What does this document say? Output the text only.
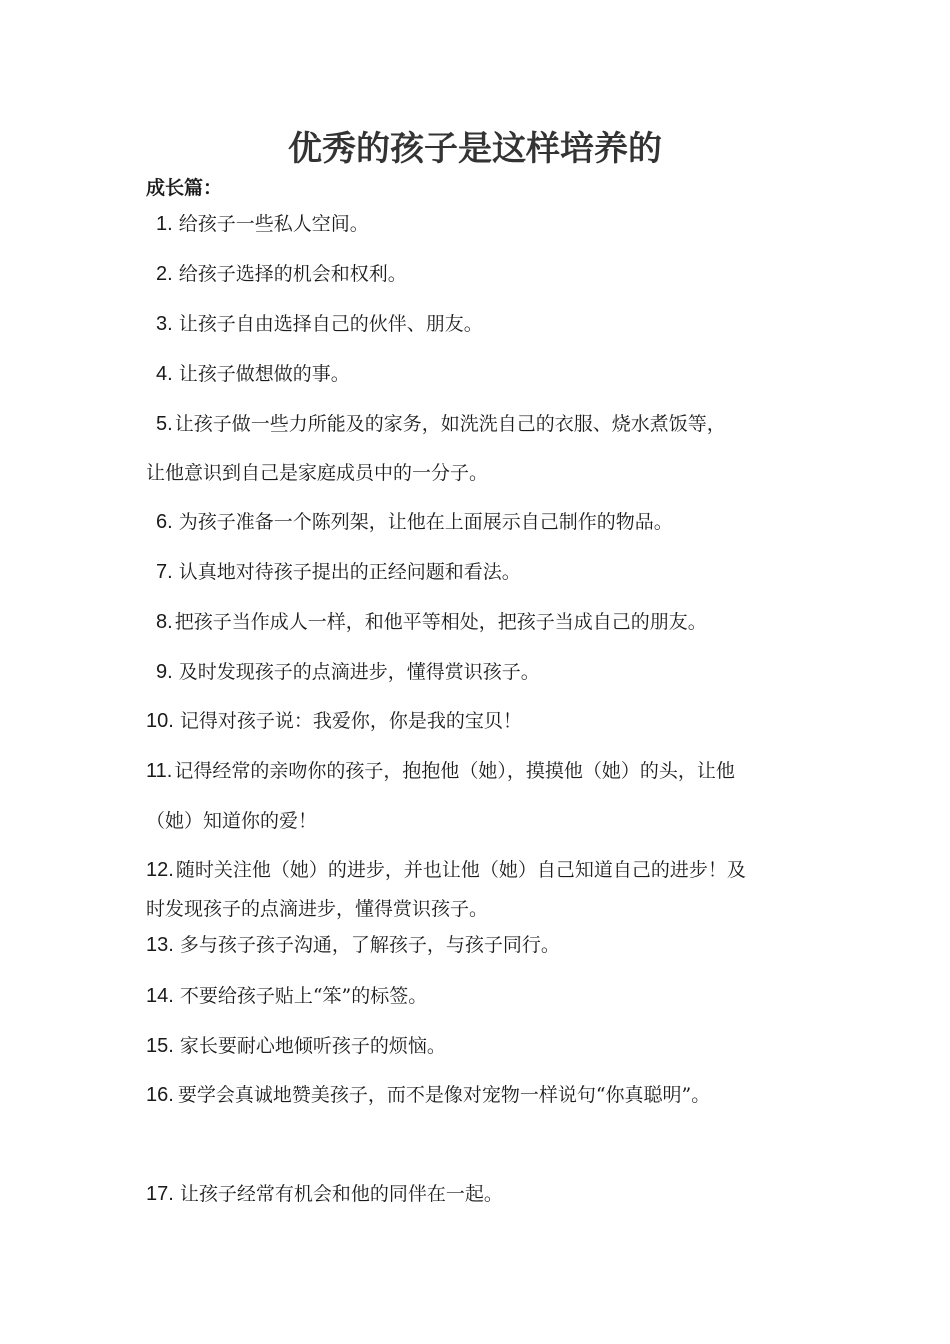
优秀的孩子是这样培养的
成长篇：
1. 给孩子一些私人空间。
2. 给孩子选择的机会和权利。
3. 让孩子自由选择自己的伙伴、朋友。
4. 让孩子做想做的事。
5. 让孩子做一些力所能及的家务，如洗洗自己的衣服、烧水煮饭等，
让他意识到自己是家庭成员中的一分子。
6. 为孩子准备一个陈列架，让他在上面展示自己制作的物品。
7. 认真地对待孩子提出的正经问题和看法。
8. 把孩子当作成人一样，和他平等相处，把孩子当成自己的朋友。
9. 及时发现孩子的点滴进步，懂得赏识孩子。
10. 记得对孩子说：我爱你，你是我的宝贝！
11. 记得经常的亲吻你的孩子，抱抱他（她），摸摸他（她）的头，让他
（她）知道你的爱！
12. 随时关注他（她）的进步，并也让他（她）自己知道自己的进步！及
时发现孩子的点滴进步，懂得赏识孩子。
13. 多与孩子孩子沟通，了解孩子，与孩子同行。
14. 不要给孩子贴上“笨”的标签。
15. 家长要耐心地倾听孩子的烦恼。
16. 要学会真诚地赞美孩子，而不是像对宠物一样说句“你真聪明”。
17. 让孩子经常有机会和他的同伴在一起。
